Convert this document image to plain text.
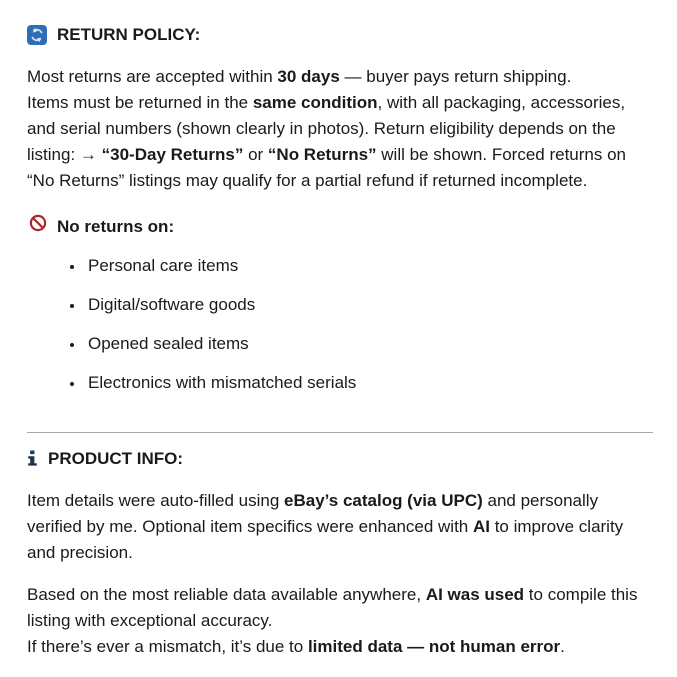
RETURN POLICY:

Most returns are accepted within 30 days — buyer pays return shipping.
Items must be returned in the same condition, with all packaging, accessories, and serial numbers (shown clearly in photos). Return eligibility depends on the listing: → “30-Day Returns” or “No Returns” will be shown. Forced returns on “No Returns” listings may qualify for a partial refund if returned incomplete.

No returns on:
• Personal care items
• Digital/software goods
• Opened sealed items
• Electronics with mismatched serials
PRODUCT INFO:

Item details were auto-filled using eBay’s catalog (via UPC) and personally verified by me. Optional item specifics were enhanced with AI to improve clarity and precision.

Based on the most reliable data available anywhere, AI was used to compile this listing with exceptional accuracy.
If there’s ever a mismatch, it’s due to limited data — not human error.
